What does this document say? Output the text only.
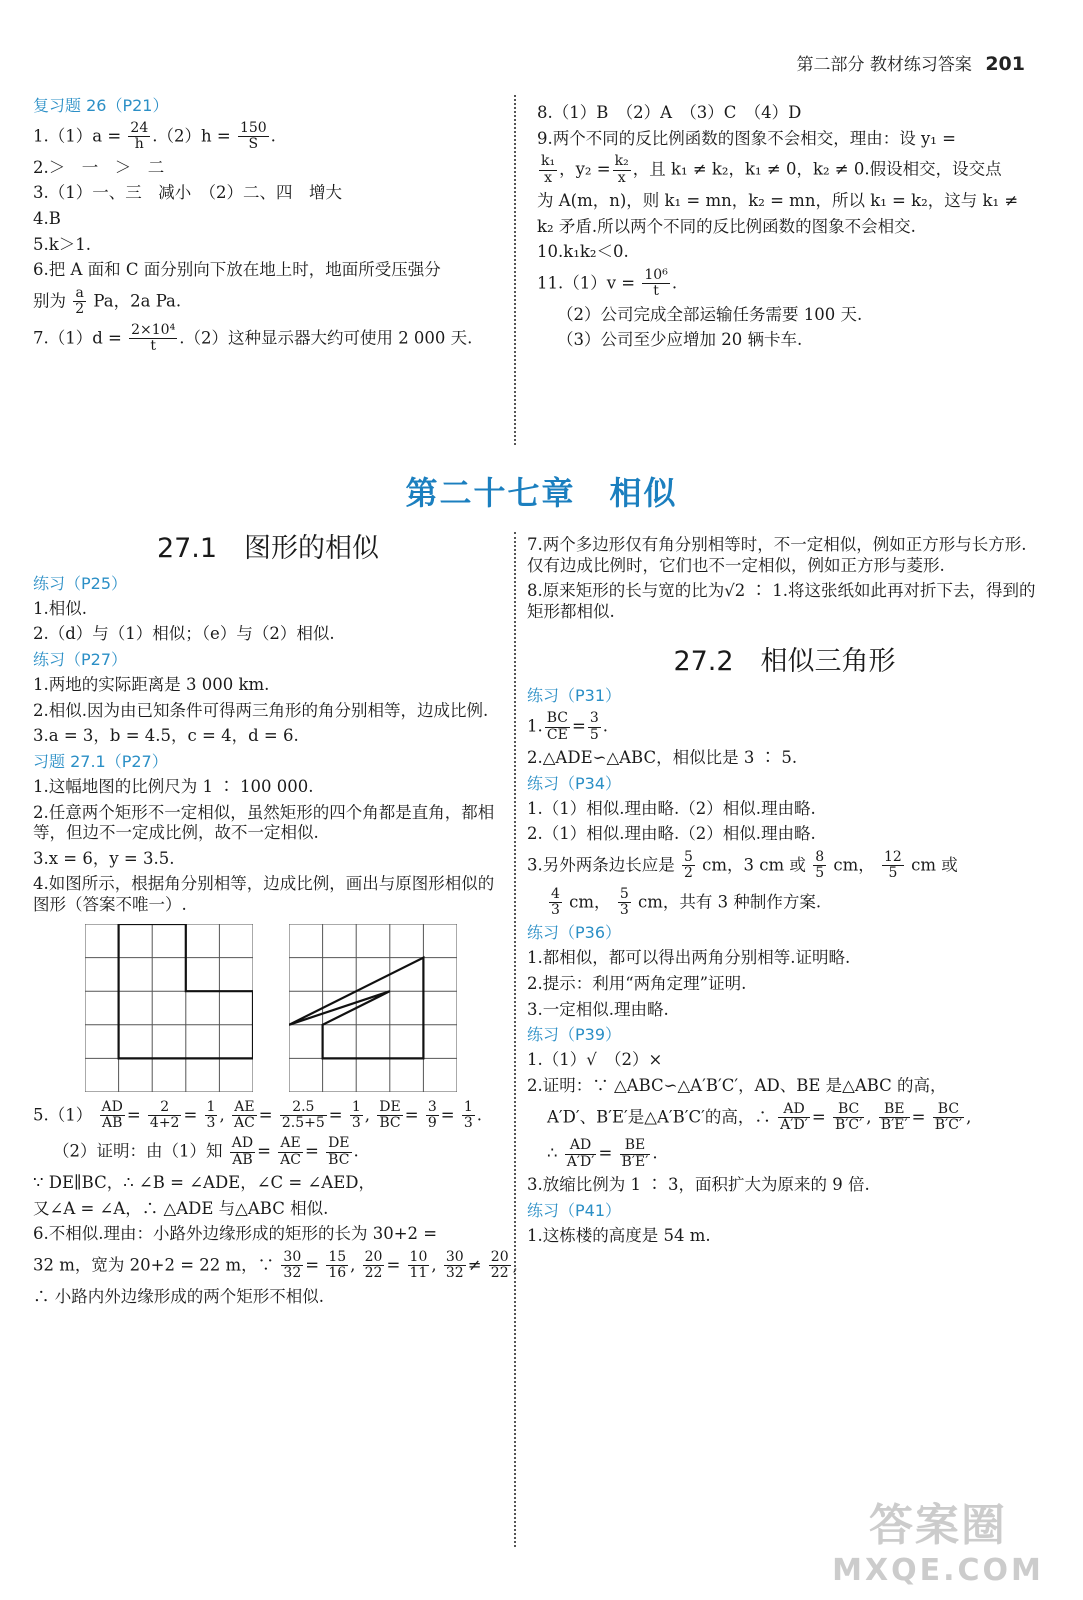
第二部分 教材练习答案 201
复习题 26（P21）
$1.(1)a = \frac{24}{h} .(2)h = \frac{150}{S}$ .
2.＞　一　＞　二
3.（1）一、三　减小　（2）二、四　增大
4.B
5.k＞1.
6.把 A 面和 C 面分别向下放在地上时，地面所受压强分
别为 $\frac{a}{2}$ Pa，2a Pa.
$7.(1)d = \frac{\text{2×10⁴}}{t} .(2)$这种显示器大约可使用 2 000 天.
8.（1）B　（2）A　（3）C　（4）D
9.两个不同的反比例函数的图象不会相交，理由：设 y₁ =
$\frac{\text{k₁}}{x}$ ，$y_2 = \frac{\text{k₂}}{x}$ ，且 k₁ ≠ k₂，k₁ ≠ 0，k₂ ≠ 0.假设相交，设交点
为 A(m，n)，则 k₁ = mn，k₂ = mn，所以 k₁ = k₂，这与 k₁ ≠
k₂ 矛盾.所以两个不同的反比例函数的图象不会相交.
10.k₁k₂＜0.
$11.(1)v = \frac{\text{10⁶}}{t}$ .
（2）公司完成全部运输任务需要 100 天.
（3）公司至少应增加 20 辆卡车.
第二十七章　相似
27.1　图形的相似
练习（P25）
1.相似.
2.（d）与（1）相似；（e）与（2）相似.
练习（P27）
1.两地的实际距离是 3 000 km.
2.相似.因为由已知条件可得两三角形的角分别相等，边成比例.
3.a = 3，b = 4.5，c = 4，d = 6.
习题 27.1（P27）
1.这幅地图的比例尺为 1 ∶ 100 000.
2.任意两个矩形不一定相似，虽然矩形的四个角都是直角，都相等，但边不一定成比例，故不一定相似.
3.x = 6，y = 3.5.
4.如图所示，根据角分别相等，边成比例，画出与原图形相似的图形（答案不唯一）.
$5.(1) \frac{AD}{AB} = \frac{2}{4+2} = \frac{1}{3}$ , $\frac{AE}{AC} = \frac{2.5}{2.5+5} = \frac{1}{3}$ , $\frac{DE}{BC} = \frac{3}{9} = \frac{1}{3}$ .
（2）证明：由（1）知 $\frac{AD}{AB} = \frac{AE}{AC} = \frac{DE}{BC}$ .
∵ DE∥BC，∴ ∠B = ∠ADE，∠C = ∠AED，
又∠A = ∠A，∴ △ADE 与△ABC 相似.
6.不相似.理由：小路外边缘形成的矩形的长为 30+2 =
32 m，宽为 20+2 = 22 m，∵ $\frac{30}{32} = \frac{15}{16}$ , $\frac{20}{22} = \frac{10}{11}$ , $\frac{30}{32} \ne \frac{20}{22}$ ,
∴ 小路内外边缘形成的两个矩形不相似.
7.两个多边形仅有角分别相等时，不一定相似，例如正方形与长方形.仅有边成比例时，它们也不一定相似，例如正方形与菱形.
8.原来矩形的长与宽的比为√2 ∶ 1.将这张纸如此再对折下去，得到的矩形都相似.
27.2　相似三角形
练习（P31）
1. $\frac{BC}{CE} = \frac{3}{5}$ .
2.△ADE∽△ABC，相似比是 3 ∶ 5.
练习（P34）
1.（1）相似.理由略.（2）相似.理由略.
2.（1）相似.理由略.（2）相似.理由略.
3.另外两条边长应是 $\frac{5}{2}$ cm，3 cm 或 $\frac{8}{5}$ cm， $\frac{12}{5}$ cm 或
$\frac{4}{3}$ cm， $\frac{5}{3}$ cm，共有 3 种制作方案.
练习（P36）
1.都相似，都可以得出两角分别相等.证明略.
2.提示：利用“两角定理”证明.
3.一定相似.理由略.
练习（P39）
1.（1）√　（2）×
2.证明：∵ △ABC∽△A′B′C′，AD、BE 是△ABC 的高，
A′D′、B′E′是△A′B′C′的高，∴ $\frac{AD}{A'D'} = \frac{BC}{B'C'}$ , $\frac{BE}{B'E'} = \frac{BC}{B'C'}$ ,
∴ $\frac{AD}{A'D'} = \frac{BE}{B'E'}$ .
3.放缩比例为 1 ∶ 3，面积扩大为原来的 9 倍.
练习（P41）
1.这栋楼的高度是 54 m.
答案圈
MXQE.COM
